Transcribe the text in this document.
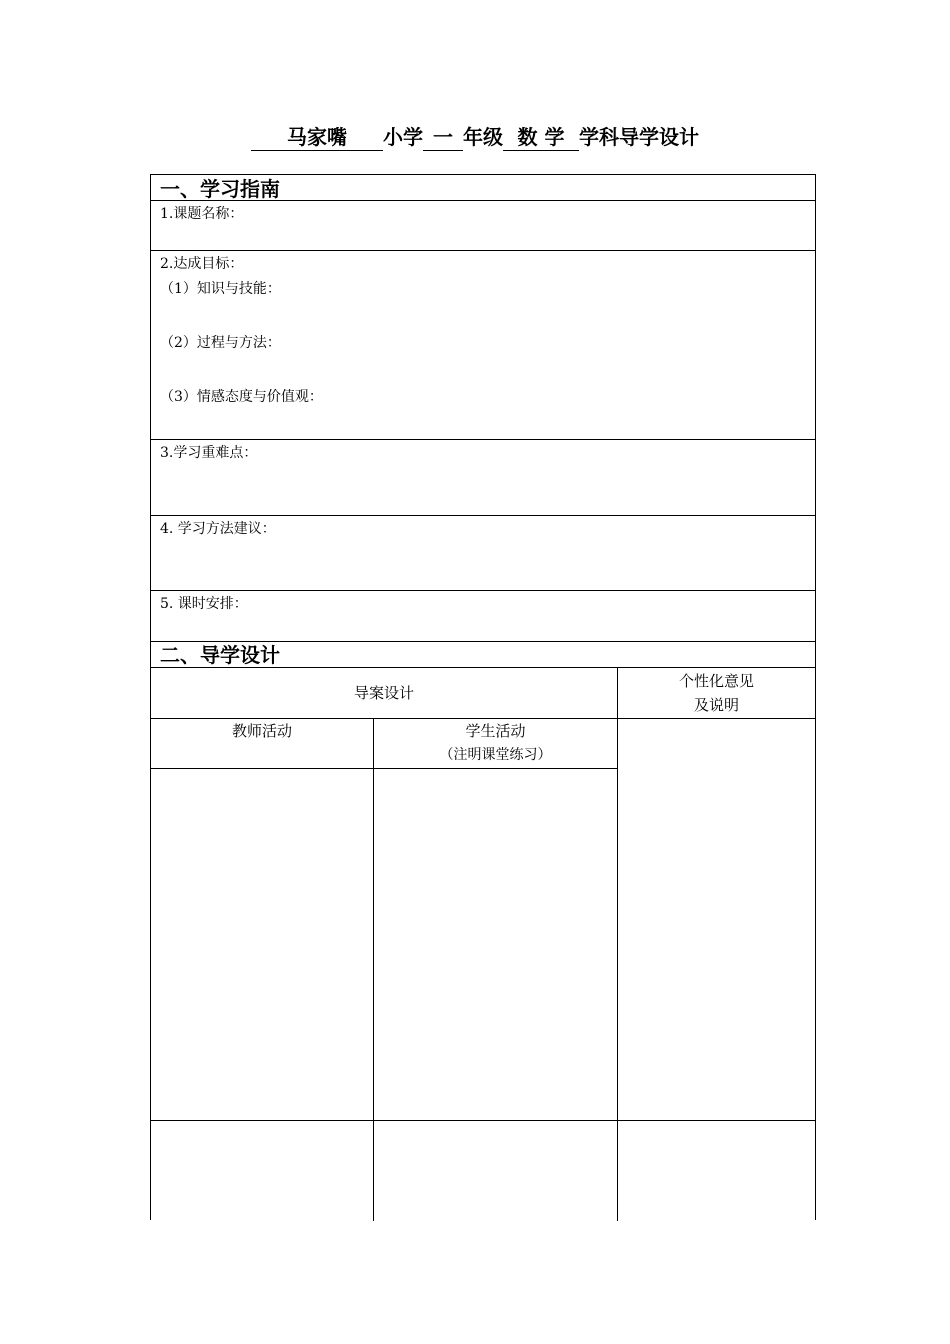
马家嘴 小学 一 年级 数 学 学科导学设计
一、学习指南
1.课题名称：
2.达成目标：
（1）知识与技能：
（2）过程与方法：
（3）情感态度与价值观：
3.学习重难点：
4. 学习方法建议：
5. 课时安排：
二、导学设计
导案设计
个性化意见
及说明
教师活动	学生活动
（注明课堂练习）
